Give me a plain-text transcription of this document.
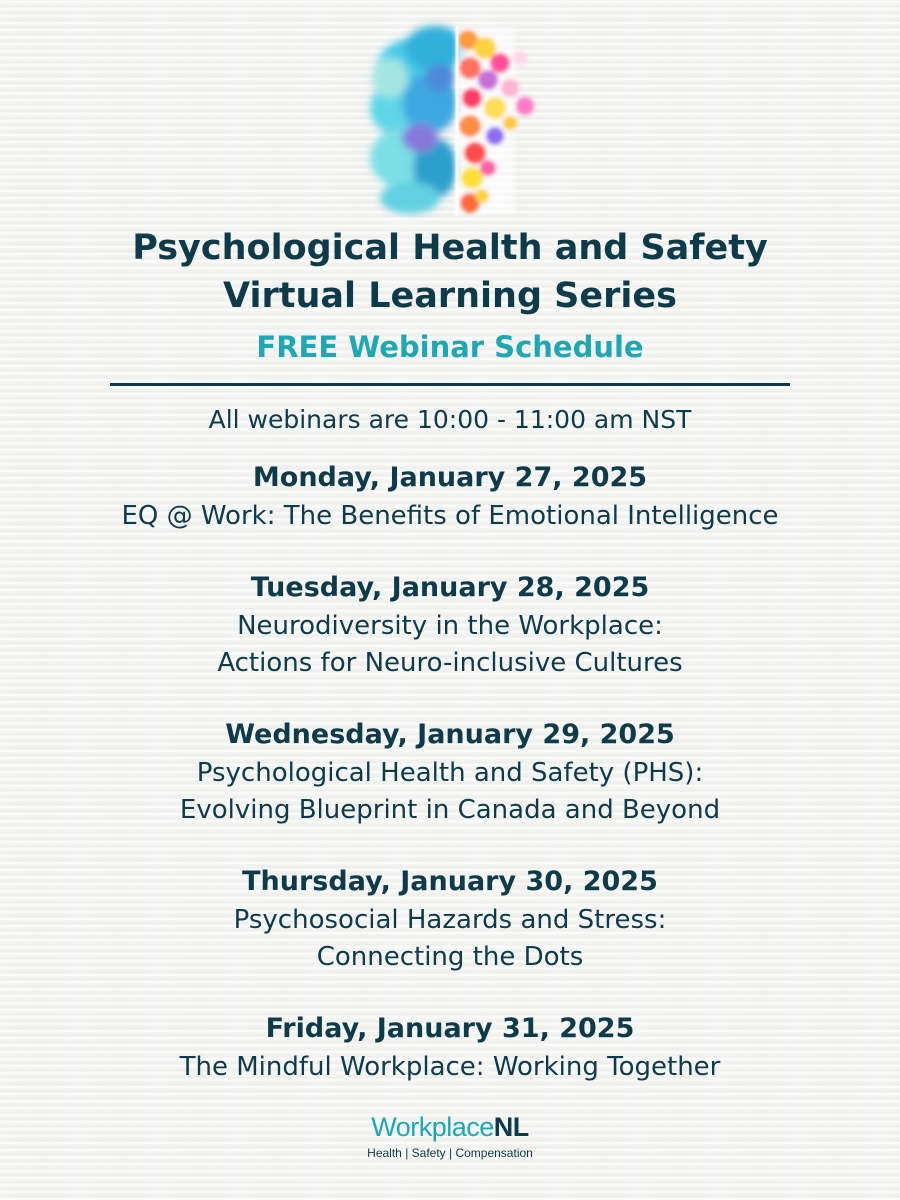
Psychological Health and Safety
Virtual Learning Series
FREE Webinar Schedule
All webinars are 10:00 - 11:00 am NST
Monday, January 27, 2025
EQ @ Work: The Benefits of Emotional Intelligence
Tuesday, January 28, 2025
Neurodiversity in the Workplace:
Actions for Neuro-inclusive Cultures
Wednesday, January 29, 2025
Psychological Health and Safety (PHS):
Evolving Blueprint in Canada and Beyond
Thursday, January 30, 2025
Psychosocial Hazards and Stress:
Connecting the Dots
Friday, January 31, 2025
The Mindful Workplace: Working Together
WorkplaceNL
Health | Safety | Compensation
